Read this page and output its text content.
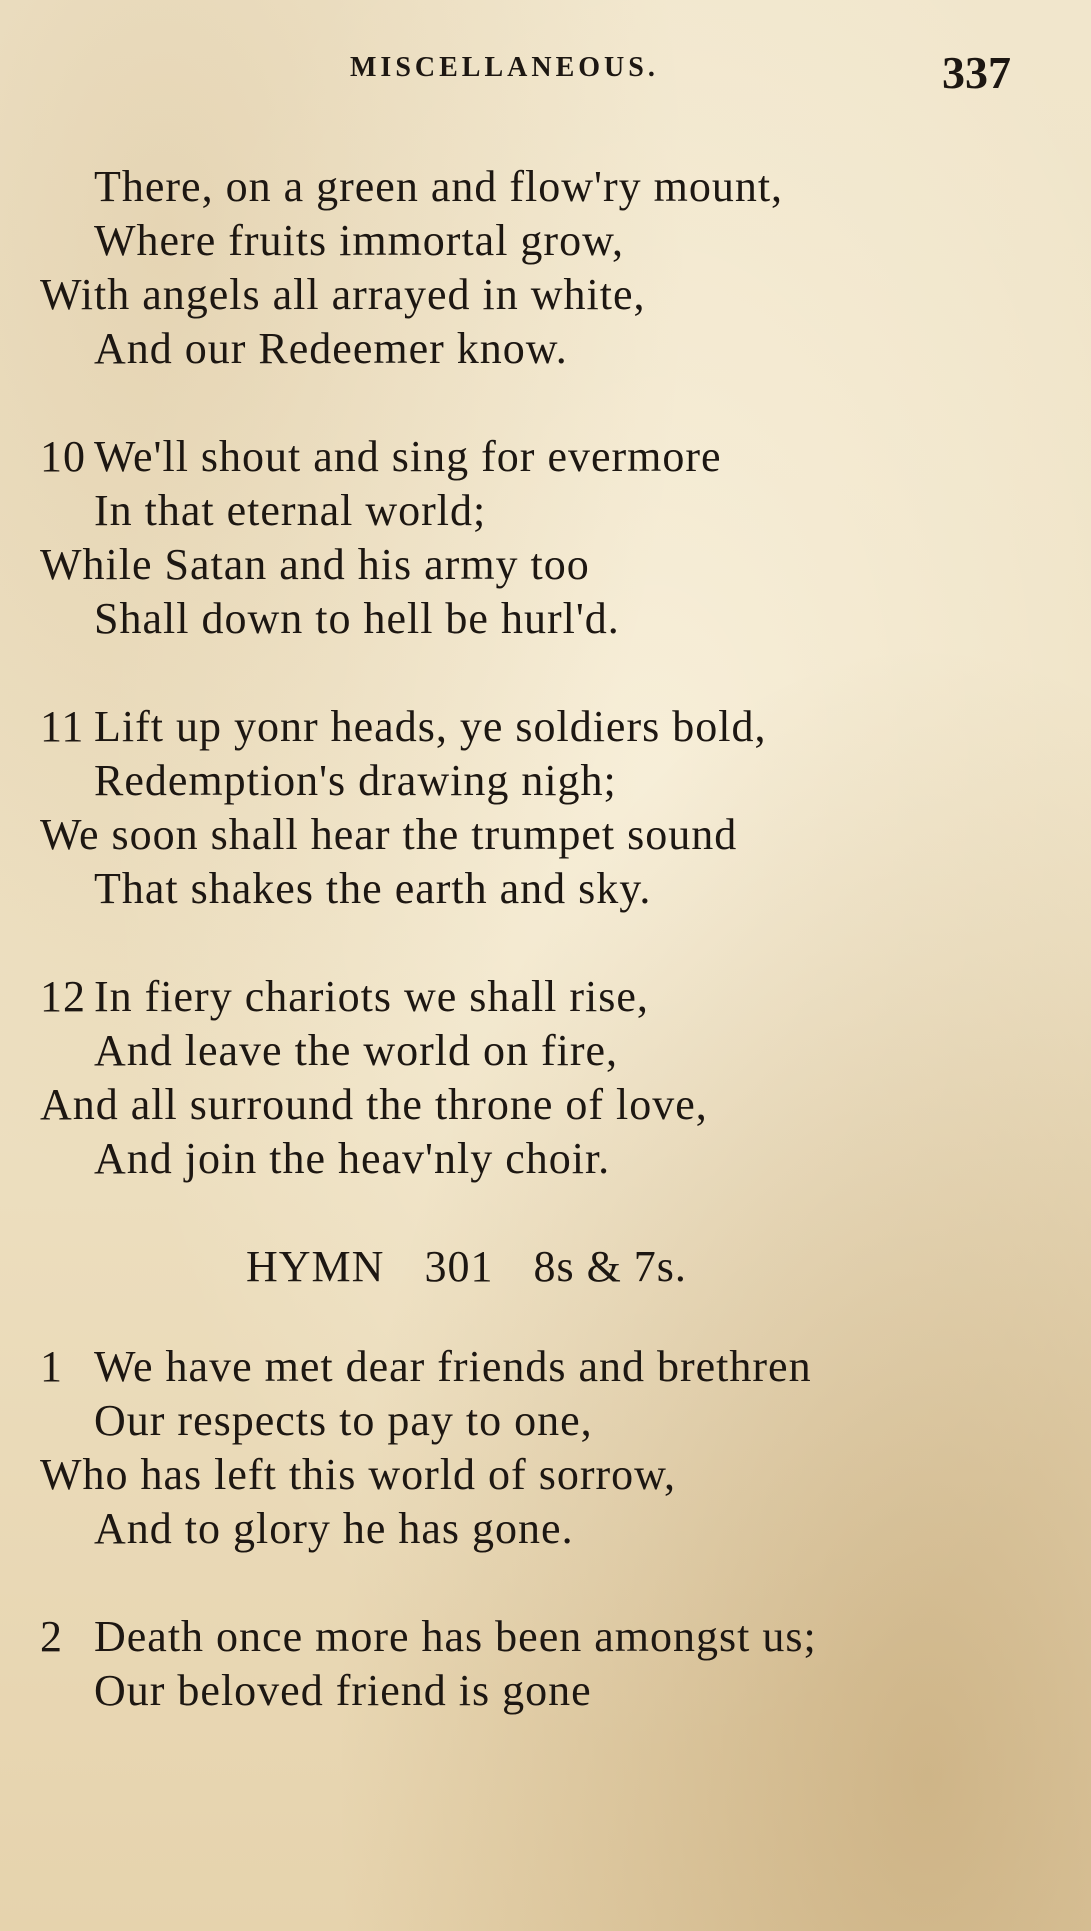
MISCELLANEOUS.	337
There, on a green and flow'ry mount,
Where fruits immortal grow,
With angels all arrayed in white,
And our Redeemer know.
10 We'll shout and sing for evermore
In that eternal world;
While Satan and his army too
Shall down to hell be hurl'd.
11 Lift up yonr heads, ye soldiers bold,
Redemption's drawing nigh;
We soon shall hear the trumpet sound
That shakes the earth and sky.
12 In fiery chariots we shall rise,
And leave the world on fire,
And all surround the throne of love,
And join the heav'nly choir.
HYMN 301 8s & 7s.
1 We have met dear friends and brethren
Our respects to pay to one,
Who has left this world of sorrow,
And to glory he has gone.
2 Death once more has been amongst us;
Our beloved friend is gone
